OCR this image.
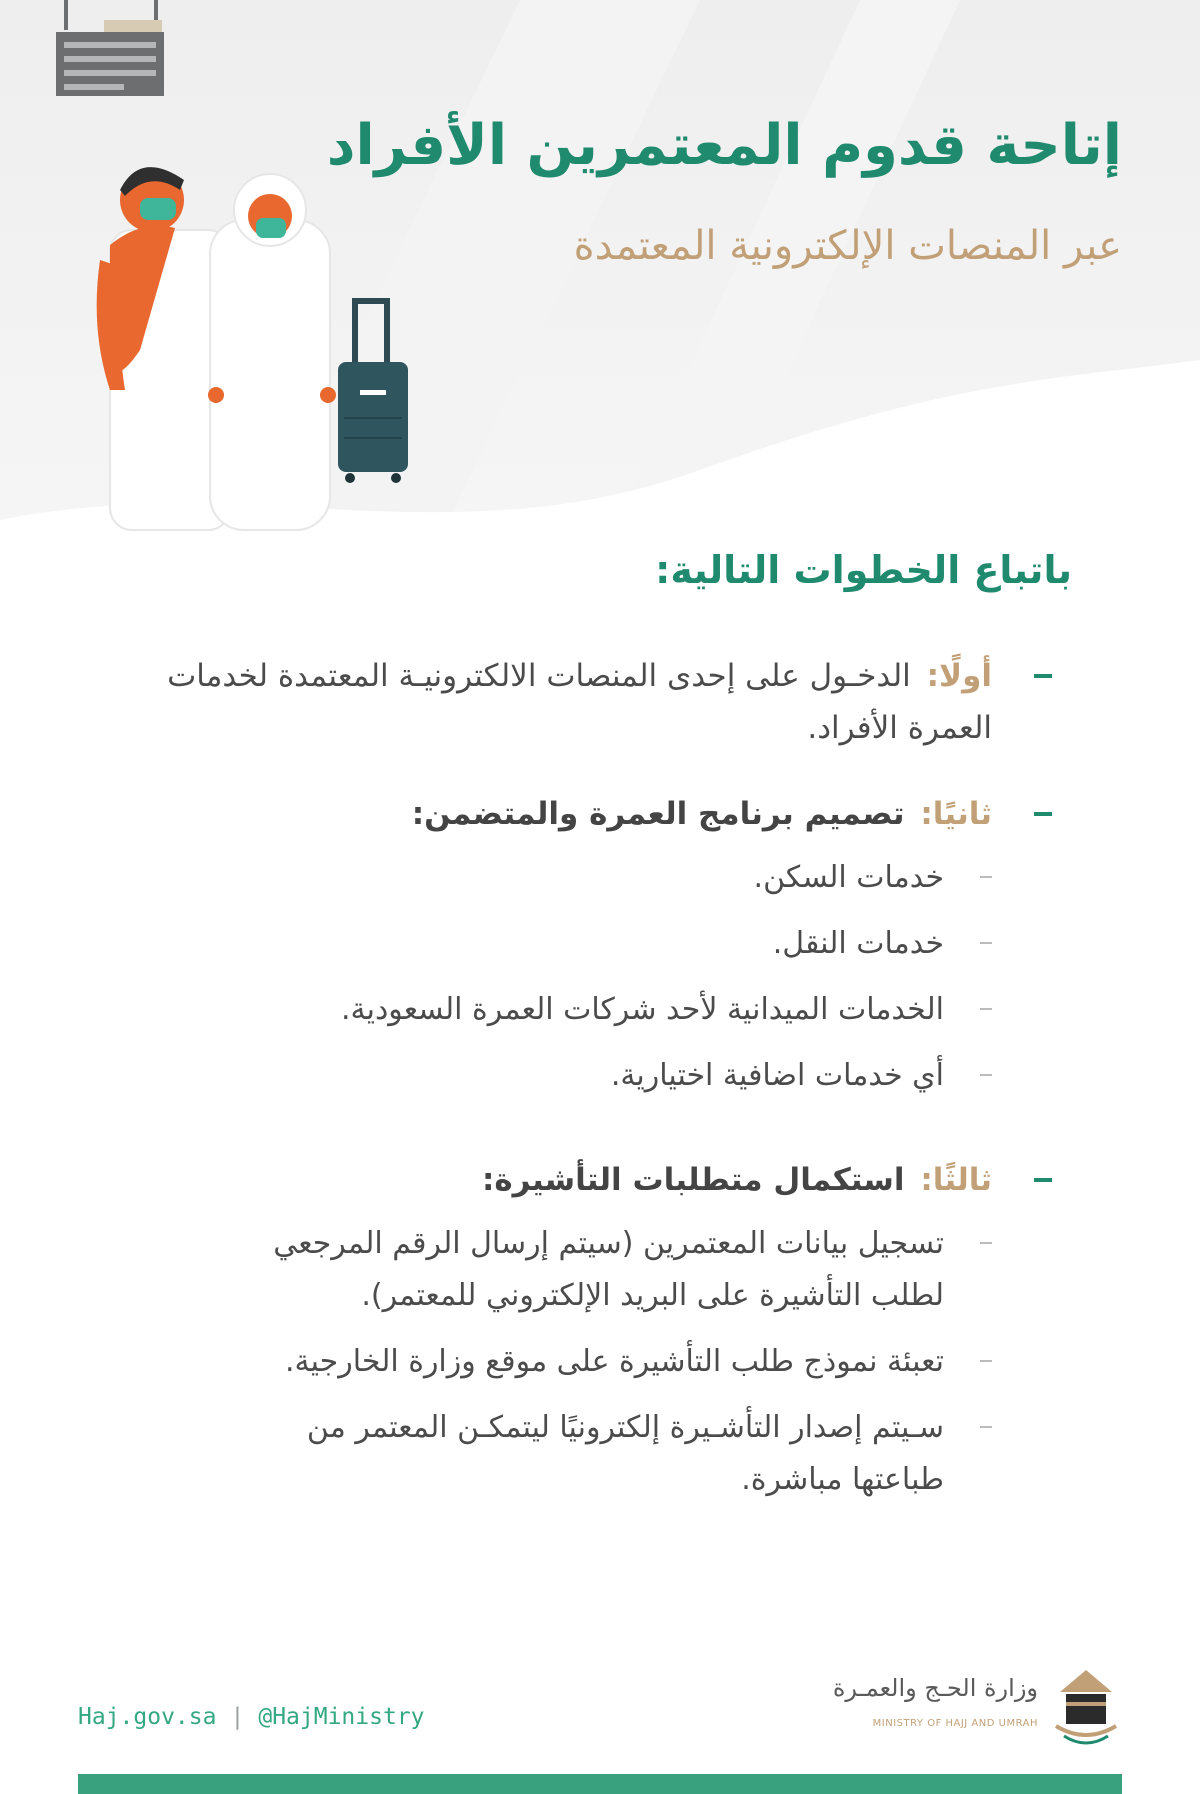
إتاحة قدوم المعتمرين الأفراد
عبر المنصات الإلكترونية المعتمدة
باتباع الخطوات التالية:
أولًا: الدخـول على إحدى المنصات الالكترونيـة المعتمدة لخدمات العمرة الأفراد.
ثانيًا: تصميم برنامج العمرة والمتضمن:
خدمات السكن.
خدمات النقل.
الخدمات الميدانية لأحد شركات العمرة السعودية.
أي خدمات اضافية اختيارية.
ثالثًا: استكمال متطلبات التأشيرة:
تسجيل بيانات المعتمرين (سيتم إرسال الرقم المرجعي لطلب التأشيرة على البريد الإلكتروني للمعتمر).
تعبئة نموذج طلب التأشيرة على موقع وزارة الخارجية.
سـيتم إصدار التأشـيرة إلكترونيًا ليتمكـن المعتمر من طباعتها مباشرة.
Haj.gov.sa | @HajMinistry
وزارة الحـج والعمـرة
MINISTRY OF HAJJ AND UMRAH
